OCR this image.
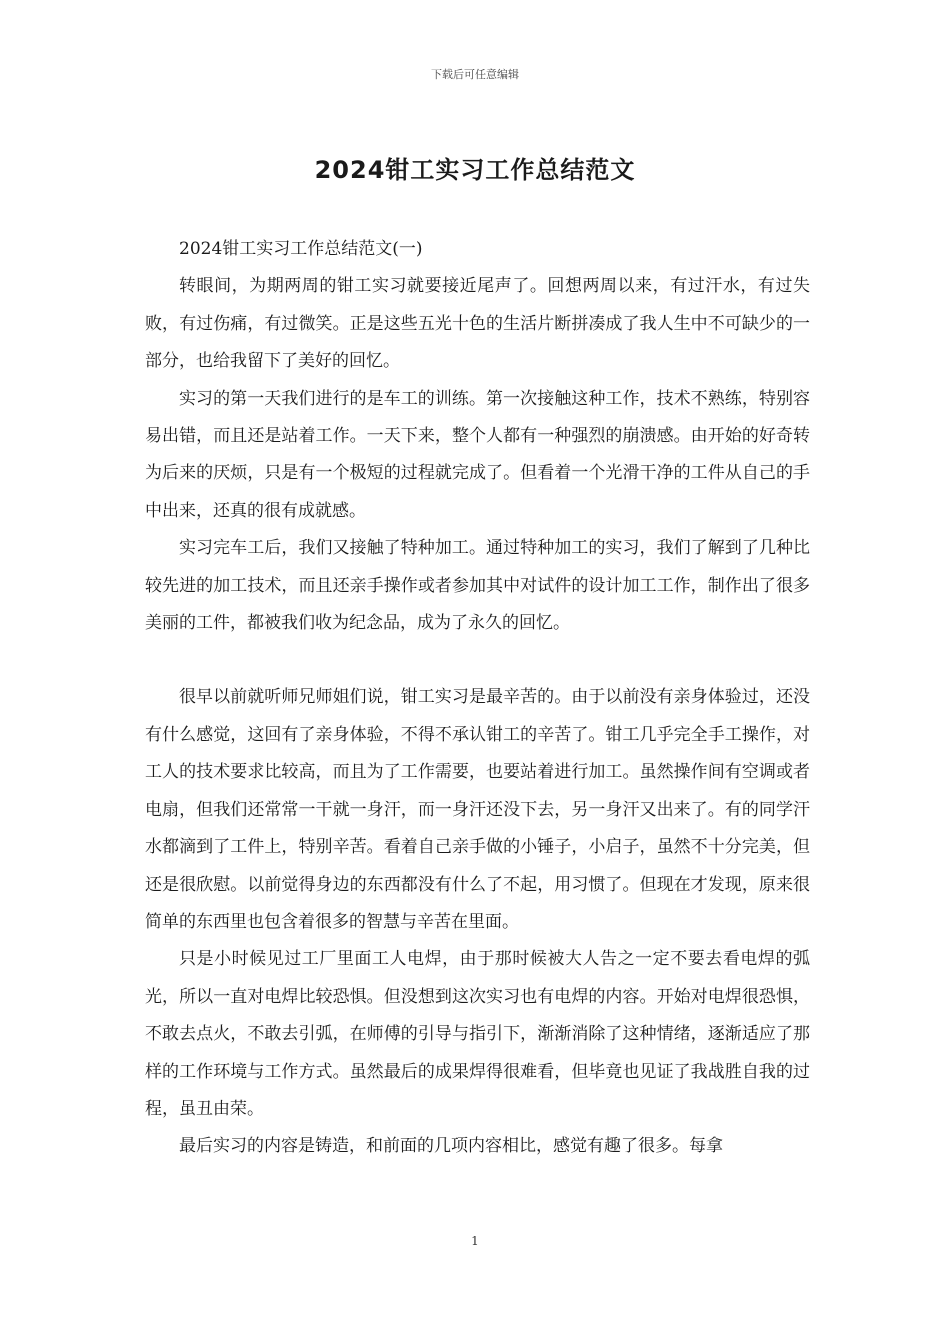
下载后可任意编辑
2024钳工实习工作总结范文

2024钳工实习工作总结范文(一)

转眼间，为期两周的钳工实习就要接近尾声了。回想两周以来，有过汗水，有过失败，有过伤痛，有过微笑。正是这些五光十色的生活片断拼凑成了我人生中不可缺少的一部分，也给我留下了美好的回忆。

实习的第一天我们进行的是车工的训练。第一次接触这种工作，技术不熟练，特别容易出错，而且还是站着工作。一天下来，整个人都有一种强烈的崩溃感。由开始的好奇转为后来的厌烦，只是有一个极短的过程就完成了。但看着一个光滑干净的工件从自己的手中出来，还真的很有成就感。

实习完车工后，我们又接触了特种加工。通过特种加工的实习，我们了解到了几种比较先进的加工技术，而且还亲手操作或者参加其中对试件的设计加工工作，制作出了很多美丽的工件，都被我们收为纪念品，成为了永久的回忆。

很早以前就听师兄师姐们说，钳工实习是最辛苦的。由于以前没有亲身体验过，还没有什么感觉，这回有了亲身体验，不得不承认钳工的辛苦了。钳工几乎完全手工操作，对工人的技术要求比较高，而且为了工作需要，也要站着进行加工。虽然操作间有空调或者电扇，但我们还常常一干就一身汗，而一身汗还没下去，另一身汗又出来了。有的同学汗水都滴到了工件上，特别辛苦。看着自己亲手做的小锤子，小启子，虽然不十分完美，但还是很欣慰。以前觉得身边的东西都没有什么了不起，用习惯了。但现在才发现，原来很简单的东西里也包含着很多的智慧与辛苦在里面。

只是小时候见过工厂里面工人电焊，由于那时候被大人告之一定不要去看电焊的弧光，所以一直对电焊比较恐惧。但没想到这次实习也有电焊的内容。开始对电焊很恐惧，不敢去点火，不敢去引弧，在师傅的引导与指引下，渐渐消除了这种情绪，逐渐适应了那样的工作环境与工作方式。虽然最后的成果焊得很难看，但毕竟也见证了我战胜自我的过程，虽丑由荣。

最后实习的内容是铸造，和前面的几项内容相比，感觉有趣了很多。每拿

1
